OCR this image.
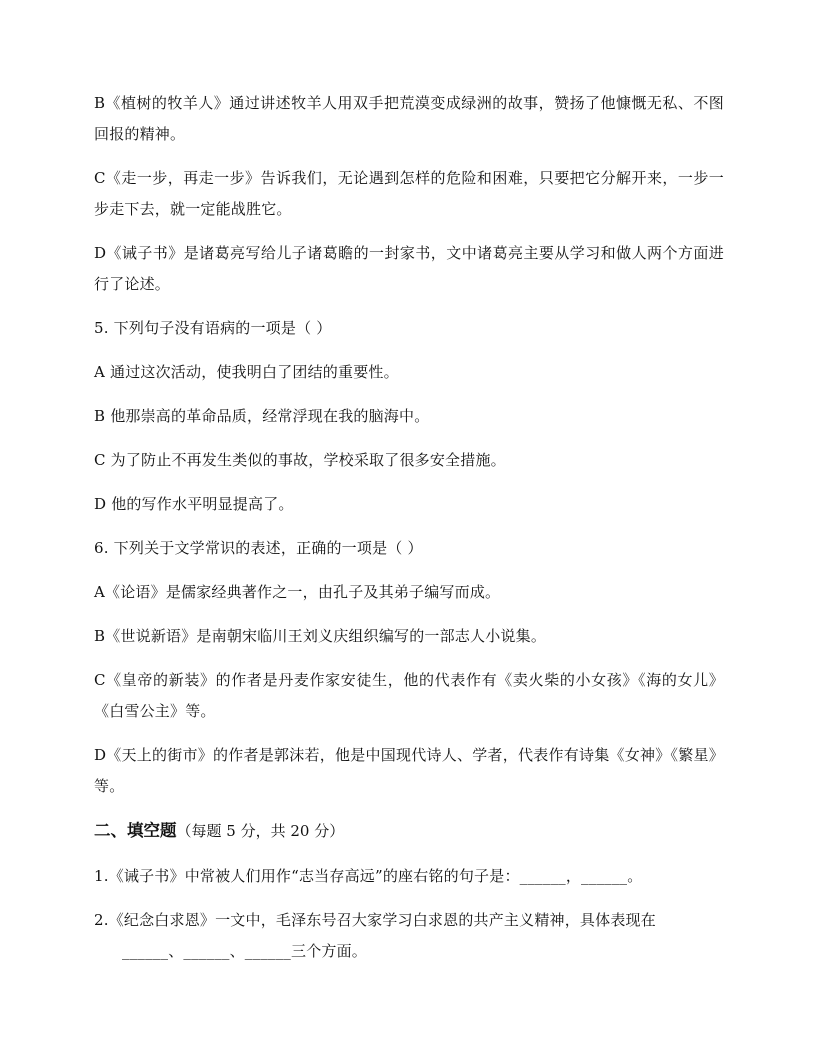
B《植树的牧羊人》通过讲述牧羊人用双手把荒漠变成绿洲的故事，赞扬了他慷慨无私、不图回报的精神。

C《走一步，再走一步》告诉我们，无论遇到怎样的危险和困难，只要把它分解开来，一步一步走下去，就一定能战胜它。

D《诫子书》是诸葛亮写给儿子诸葛瞻的一封家书，文中诸葛亮主要从学习和做人两个方面进行了论述。

5. 下列句子没有语病的一项是（ ）

A 通过这次活动，使我明白了团结的重要性。

B 他那崇高的革命品质，经常浮现在我的脑海中。

C 为了防止不再发生类似的事故，学校采取了很多安全措施。

D 他的写作水平明显提高了。

6. 下列关于文学常识的表述，正确的一项是（ ）

A《论语》是儒家经典著作之一，由孔子及其弟子编写而成。

B《世说新语》是南朝宋临川王刘义庆组织编写的一部志人小说集。

C《皇帝的新装》的作者是丹麦作家安徒生，他的代表作有《卖火柴的小女孩》《海的女儿》《白雪公主》等。

D《天上的街市》的作者是郭沫若，他是中国现代诗人、学者，代表作有诗集《女神》《繁星》等。

二、填空题（每题 5 分，共 20 分）

1.《诫子书》中常被人们用作“志当存高远”的座右铭的句子是：______，______。

2.《纪念白求恩》一文中，毛泽东号召大家学习白求恩的共产主义精神，具体表现在
______、______、______三个方面。
